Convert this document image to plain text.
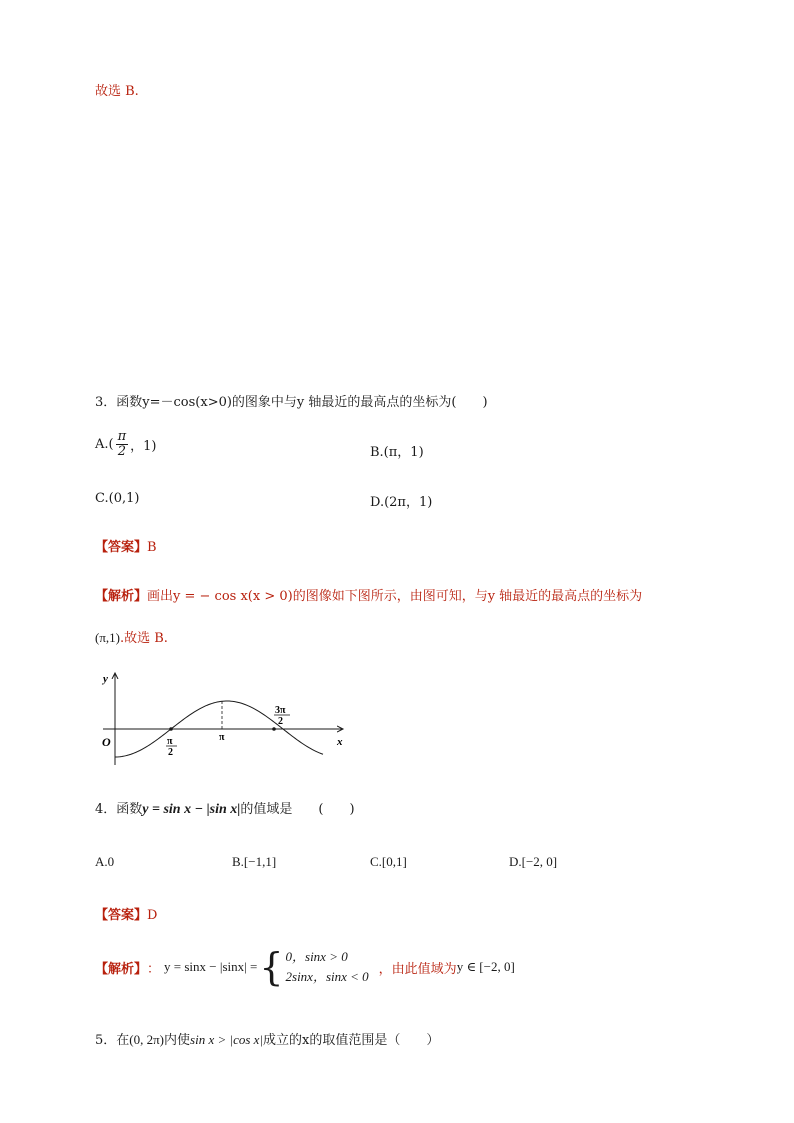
故选 B.
3．函数y=－cos(x>0)的图象中与y 轴最近的最高点的坐标为(　　)
$A.( \frac{\pi}{2}$ ，1)	B.(π，1)
C.(0,1)	D.(2π，1)
【答案】B
【解析】画出y = − cos x(x > 0)的图像如下图所示，由图可知，与y 轴最近的最高点的坐标为
(π,1).故选 B.
y
x
O	π
2
π
3π
2
4．函数y = sin x − |sin x|的值域是　　(　　)
A.0	B.[−1,1]	C.[0,1]	D.[−2, 0]
【答案】D
【解析】 ： y = sinx − |sinx| = { 0，sinx > 0
2sinx，sinx < 0 ，由此值域为 y ∈ [−2, 0]
5．在(0, 2π)内使sin x > |cos x|成立的x的取值范围是（　　）
